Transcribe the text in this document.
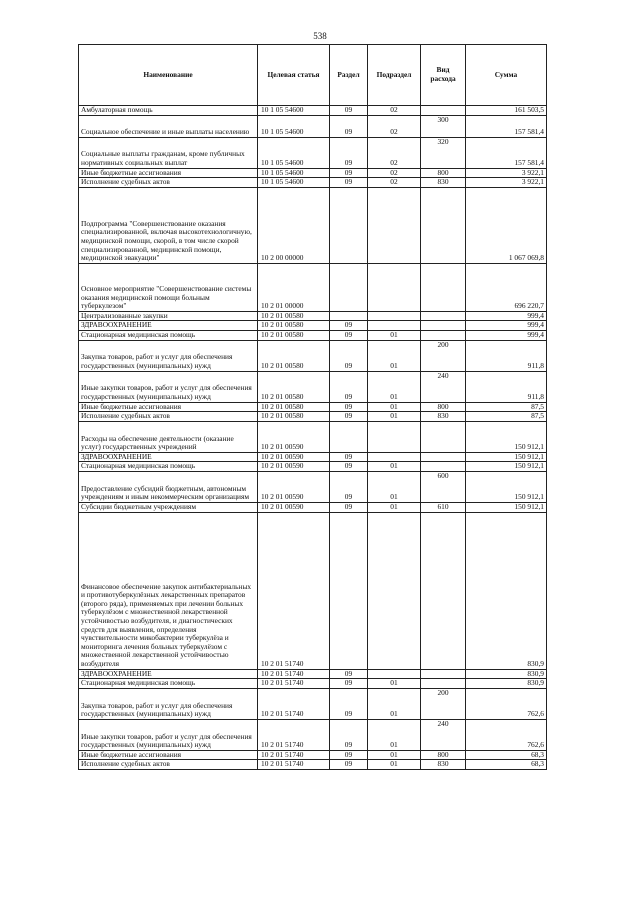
538
Наименование	Целевая статья	Раздел	Подраздел	Вид расхода	Сумма
Амбулаторная помощь	10 1 05 54600	09	02		161 503,5
Социальное обеспечение и иные выплаты населению	10 1 05 54600	09	02	300	157 581,4
Социальные выплаты гражданам, кроме публичных нормативных социальных выплат	10 1 05 54600	09	02	320	157 581,4
Иные бюджетные ассигнования	10 1 05 54600	09	02	800	3 922,1
Исполнение судебных актов	10 1 05 54600	09	02	830	3 922,1
Подпрограмма "Совершенствование оказания специализированной, включая высокотехнологичную, медицинской помощи, скорой, в том числе скорой специализированной, медицинской помощи, медицинской эвакуации"	10 2 00 00000				1 067 069,8
Основное мероприятие "Совершенствование системы оказания медицинской помощи больным туберкулезом"	10 2 01 00000				696 220,7
Централизованные закупки	10 2 01 00580				999,4
ЗДРАВООХРАНЕНИЕ	10 2 01 00580	09			999,4
Стационарная медицинская помощь	10 2 01 00580	09	01		999,4
Закупка товаров, работ и услуг для обеспечения государственных (муниципальных) нужд	10 2 01 00580	09	01	200	911,8
Иные закупки товаров, работ и услуг для обеспечения государственных (муниципальных) нужд	10 2 01 00580	09	01	240	911,8
Иные бюджетные ассигнования	10 2 01 00580	09	01	800	87,5
Исполнение судебных актов	10 2 01 00580	09	01	830	87,5
Расходы на обеспечение деятельности (оказание услуг) государственных учреждений	10 2 01 00590				150 912,1
ЗДРАВООХРАНЕНИЕ	10 2 01 00590	09			150 912,1
Стационарная медицинская помощь	10 2 01 00590	09	01		150 912,1
Предоставление субсидий бюджетным, автономным учреждениям и иным некоммерческим организациям	10 2 01 00590	09	01	600	150 912,1
Субсидии бюджетным учреждениям	10 2 01 00590	09	01	610	150 912,1
Финансовое обеспечение закупок антибактериальных и противотуберкулёзных лекарственных препаратов (второго ряда), применяемых при лечении больных туберкулёзом с множественной лекарственной устойчивостью возбудителя, и диагностических средств для выявления, определения чувствительности микобактерии туберкулёза и мониторинга лечения больных туберкулёзом с множественной лекарственной устойчивостью возбудителя	10 2 01 51740				830,9
ЗДРАВООХРАНЕНИЕ	10 2 01 51740	09			830,9
Стационарная медицинская помощь	10 2 01 51740	09	01		830,9
Закупка товаров, работ и услуг для обеспечения государственных (муниципальных) нужд	10 2 01 51740	09	01	200	762,6
Иные закупки товаров, работ и услуг для обеспечения государственных (муниципальных) нужд	10 2 01 51740	09	01	240	762,6
Иные бюджетные ассигнования	10 2 01 51740	09	01	800	68,3
Исполнение судебных актов	10 2 01 51740	09	01	830	68,3
